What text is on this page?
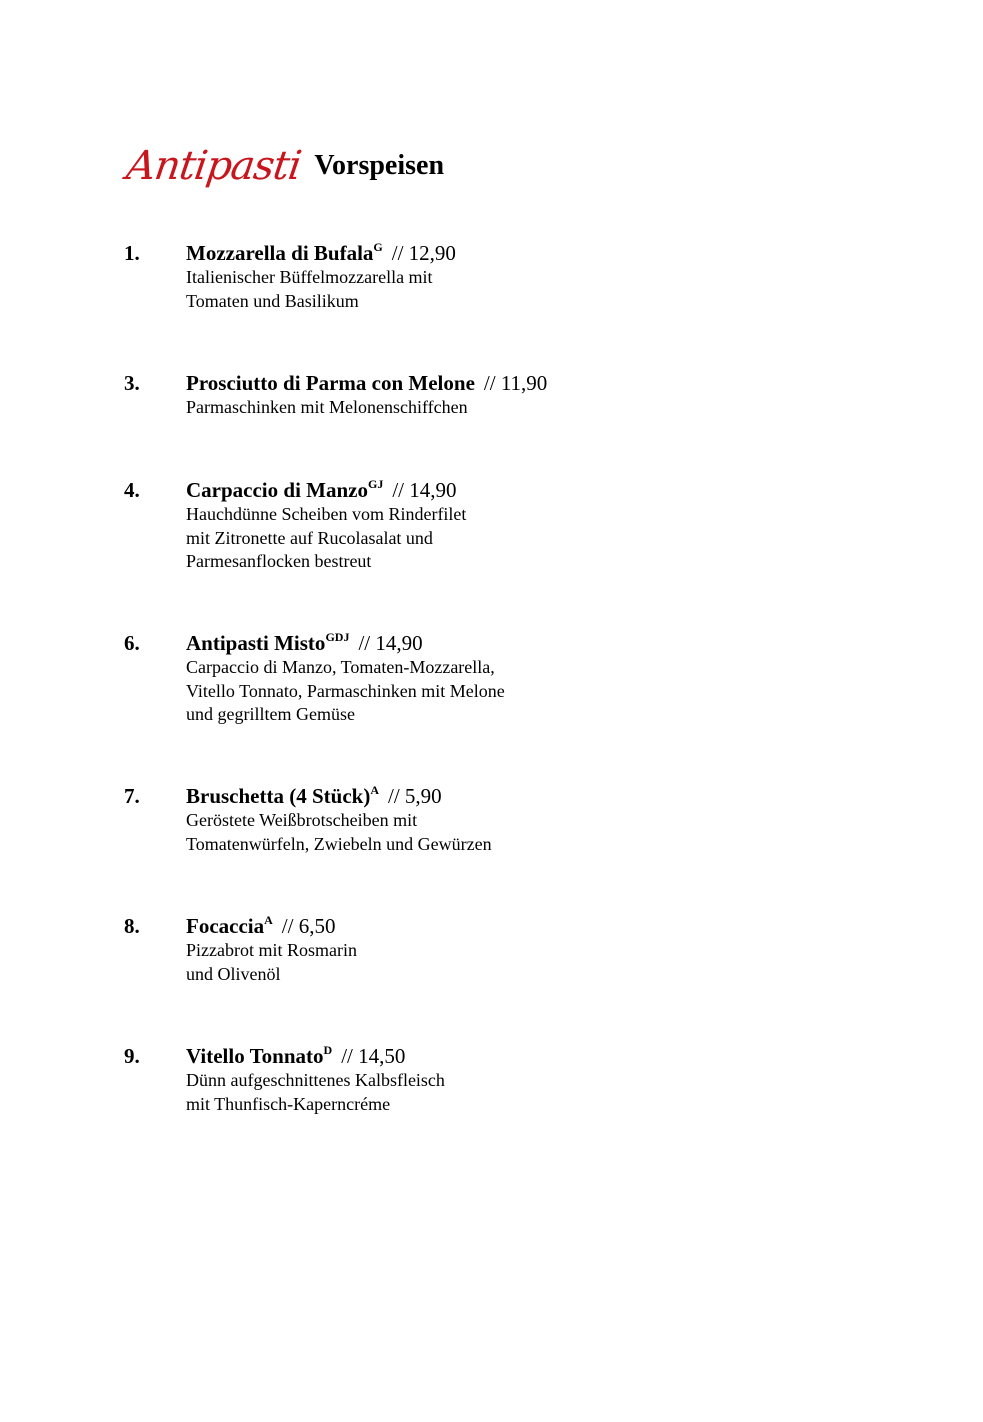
Antipasti Vorspeisen
1. Mozzarella di Bufala$^G$ // 12,90
Italienischer Büffelmozzarella mit
Tomaten und Basilikum
3. Prosciutto di Parma con Melone // 11,90
Parmaschinken mit Melonenschiffchen
4. Carpaccio di Manzo$^{GJ}$ // 14,90
Hauchdünne Scheiben vom Rinderfilet
mit Zitronette auf Rucolasalat und
Parmesanflocken bestreut
6. Antipasti Misto$^{GDJ}$ // 14,90
Carpaccio di Manzo, Tomaten-Mozzarella,
Vitello Tonnato, Parmaschinken mit Melone
und gegrilltem Gemüse
7. Bruschetta (4 Stück)$^A$ // 5,90
Geröstete Weißbrotscheiben mit
Tomatenwürfeln, Zwiebeln und Gewürzen
8. Focaccia$^A$ // 6,50
Pizzabrot mit Rosmarin
und Olivenöl
9. Vitello Tonnato$^D$ // 14,50
Dünn aufgeschnittenes Kalbsfleisch
mit Thunfisch-Kaperncréme
